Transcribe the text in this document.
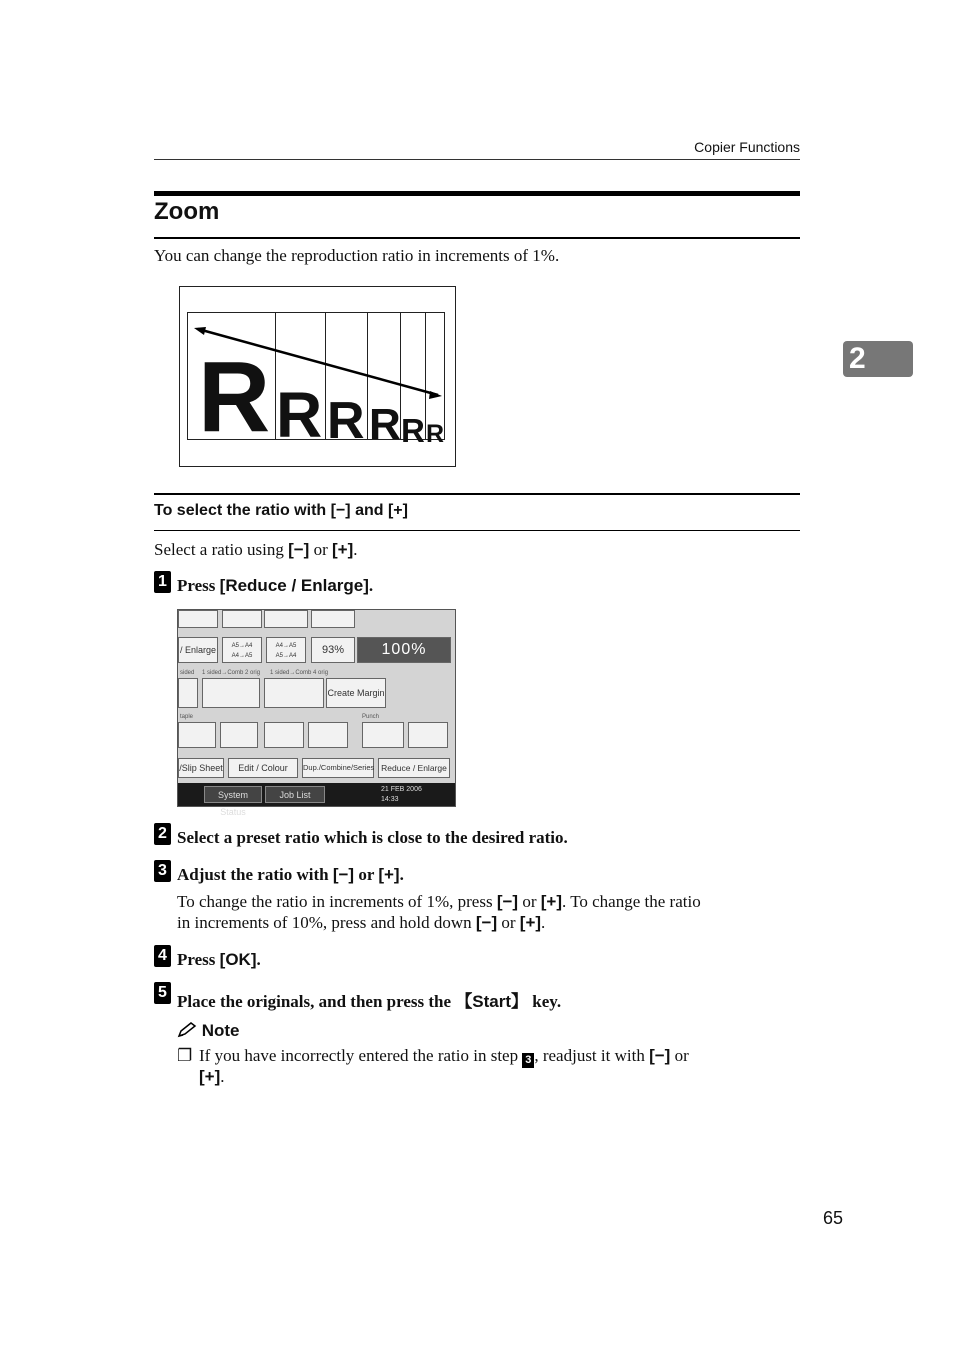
Copier Functions
2
Zoom
You can change the reproduction ratio in increments of 1%.
R R R R R R
To select the ratio with [−] and [+]
Select a ratio using [−] or [+].
1 Press [Reduce / Enlarge].
/ Enlarge	A5→A4
A4→A5
A4→A5
A5→A4	93%	100%
sided 1 sided→Comb 2 orig 1 sided→Comb 4 orig
Create Margin
taple	Punch
/Slip Sheet	Edit / Colour	Dup./Combine/Series Reduce / Enlarge
System Status
Job List
21 FEB 2006
14:33
2 Select a preset ratio which is close to the desired ratio.
3 Adjust the ratio with [−] or [+].
To change the ratio in increments of 1%, press [−] or [+]. To change the ratio
in increments of 10%, press and hold down [−] or [+].
4 Press [OK].
5 Place the originals, and then press the 【Start】 key.
Note
❐ If you have incorrectly entered the ratio in step 3 , readjust it with [−] or
[+].
65
